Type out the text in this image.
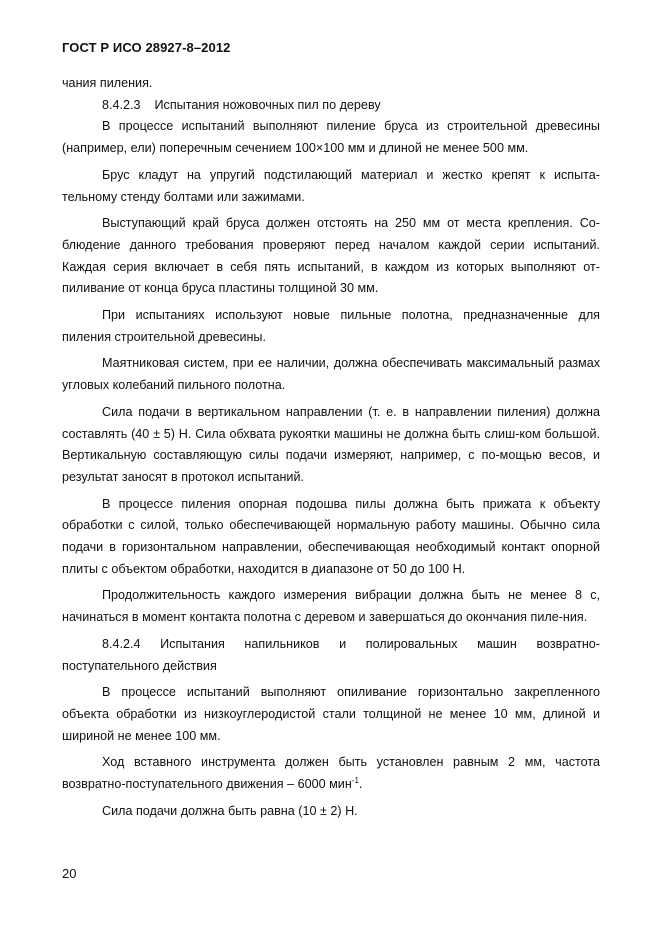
ГОСТ Р ИСО 28927-8–2012

чания пиления.

8.4.2.3    Испытания ножовочных пил по дереву

В процессе испытаний выполняют пиление бруса из строительной древесины (например, ели) поперечным сечением 100×100 мм и длиной не менее 500 мм.

Брус кладут на упругий подстилающий материал и жестко крепят к испыта-тельному стенду болтами или зажимами.

Выступающий край бруса должен отстоять на 250 мм от места крепления. Со-блюдение данного требования проверяют перед началом каждой серии испытаний. Каждая серия включает в себя пять испытаний, в каждом из которых выполняют от-пиливание от конца бруса пластины толщиной 30 мм.

При испытаниях используют новые пильные полотна, предназначенные для пиления строительной древесины.

Маятниковая систем, при ее наличии, должна обеспечивать максимальный размах угловых колебаний пильного полотна.

Сила подачи в вертикальном направлении (т. е. в направлении пиления) должна составлять (40 ± 5) Н. Сила обхвата рукоятки машины не должна быть слиш-ком большой. Вертикальную составляющую силы подачи измеряют, например, с по-мощью весов, и результат заносят в протокол испытаний.

В процессе пиления опорная подошва пилы должна быть прижата к объекту обработки с силой, только обеспечивающей нормальную работу машины. Обычно сила подачи в горизонтальном направлении, обеспечивающая необходимый контакт опорной плиты с объектом обработки, находится в диапазоне от 50 до 100 Н.

Продолжительность каждого измерения вибрации должна быть не менее 8 с, начинаться в момент контакта полотна с деревом и завершаться до окончания пиле-ния.

8.4.2.4    Испытания    напильников    и    полировальных    машин    возвратно-

поступательного действия

В процессе испытаний выполняют опиливание горизонтально закрепленного объекта обработки из низкоуглеродистой стали толщиной не менее 10 мм, длиной и шириной не менее 100 мм.

Ход вставного инструмента должен быть установлен равным 2 мм, частота возвратно-поступательного движения – 6000 мин$^{-1}$.

Сила подачи должна быть равна (10 ± 2) Н.

20
